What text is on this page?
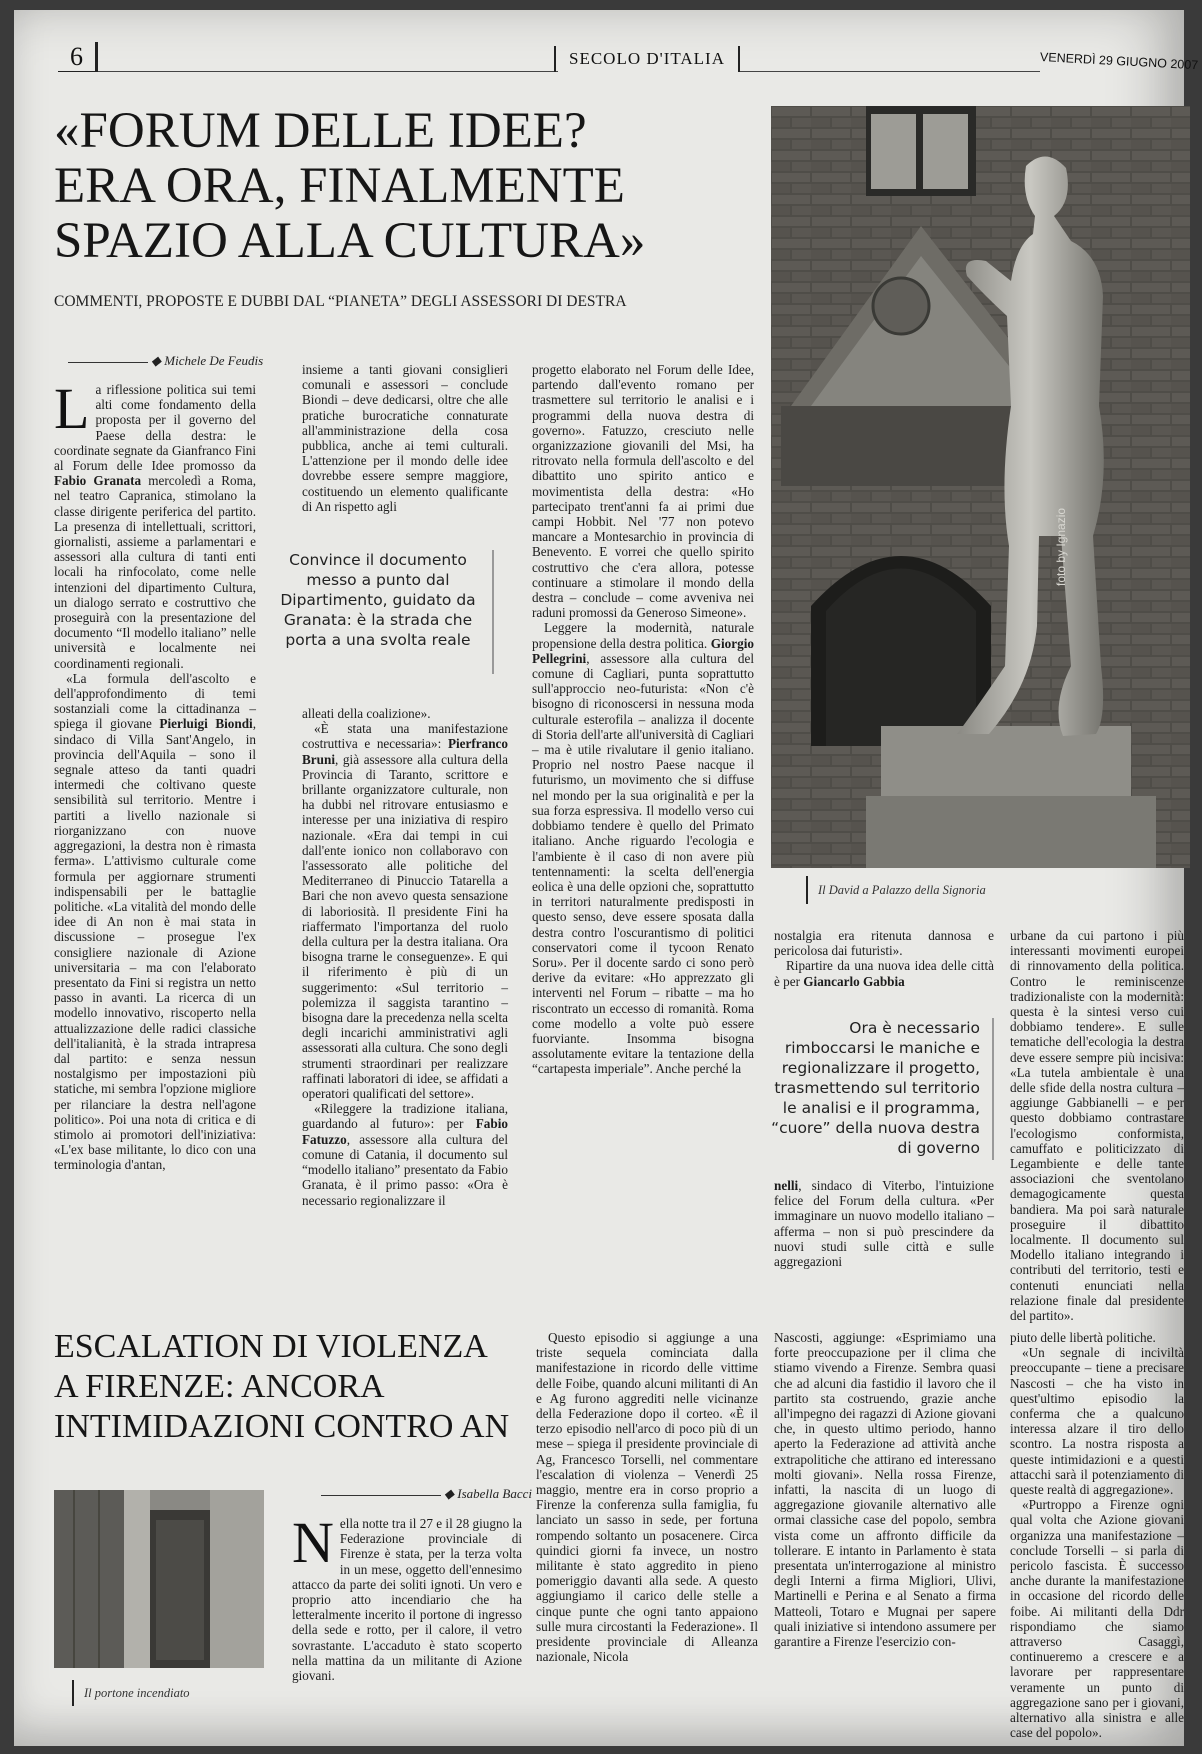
6	SECOLO D'ITALIA	VENERDÌ 29 GIUGNO 2007
«FORUM DELLE IDEE?
ERA ORA, FINALMENTE
SPAZIO ALLA CULTURA»
COMMENTI, PROPOSTE E DUBBI DAL “PIANETA” DEGLI ASSESSORI DI DESTRA
foto by Ignazio
Il David a Palazzo della Signoria
◆ Michele De Feudis
L a riflessione politica sui temi alti come fondamento della proposta per il governo del Paese della destra: le coordinate segnate da Gianfranco Fini al Forum delle Idee promosso da Fabio Granata mercoledì a Roma, nel teatro Capranica, stimolano la classe dirigente periferica del partito. La presenza di intellettuali, scrittori, giornalisti, assieme a parlamentari e assessori alla cultura di tanti enti locali ha rinfocolato, come nelle intenzioni del dipartimento Cultura, un dialogo serrato e costruttivo che proseguirà con la presentazione del documento “Il modello italiano” nelle università e localmente nei coordinamenti regionali.

«La formula dell'ascolto e dell'approfondimento di temi sostanziali come la cittadinanza – spiega il giovane Pierluigi Biondi, sindaco di Villa Sant'Angelo, in provincia dell'Aquila – sono il segnale atteso da tanti quadri intermedi che coltivano queste sensibilità sul territorio. Mentre i partiti a livello nazionale si riorganizzano con nuove aggregazioni, la destra non è rimasta ferma». L'attivismo culturale come formula per aggiornare strumenti indispensabili per le battaglie politiche. «La vitalità del mondo delle idee di An non è mai stata in discussione – prosegue l'ex consigliere nazionale di Azione universitaria – ma con l'elaborato presentato da Fini si registra un netto passo in avanti. La ricerca di un modello innovativo, riscoperto nella attualizzazione delle radici classiche dell'italianità, è la strada intrapresa dal partito: e senza nessun nostalgismo per impostazioni più statiche, mi sembra l'opzione migliore per rilanciare la destra nell'agone politico». Poi una nota di critica e di stimolo ai promotori dell'iniziativa: «L'ex base militante, lo dico con una terminologia d'antan,

Convince il documento messo a punto dal Dipartimento, guidato da Granata: è la strada che porta a una svolta reale

insieme a tanti giovani consiglieri comunali e assessori – conclude Biondi – deve dedicarsi, oltre che alle pratiche burocratiche connaturate all'amministrazione della cosa pubblica, anche ai temi culturali. L'attenzione per il mondo delle idee dovrebbe essere sempre maggiore, costituendo un elemento qualificante di An rispetto agli

alleati della coalizione».

«È stata una manifestazione costruttiva e necessaria»: Pierfranco Bruni, già assessore alla cultura della Provincia di Taranto, scrittore e brillante organizzatore culturale, non ha dubbi nel ritrovare entusiasmo e interesse per una iniziativa di respiro nazionale. «Era dai tempi in cui dall'ente ionico non collaboravo con l'assessorato alle politiche del Mediterraneo di Pinuccio Tatarella a Bari che non avevo questa sensazione di laboriosità. Il presidente Fini ha riaffermato l'importanza del ruolo della cultura per la destra italiana. Ora bisogna trarne le conseguenze». E qui il riferimento è più di un suggerimento: «Sul territorio – polemizza il saggista tarantino – bisogna dare la precedenza nella scelta degli incarichi amministrativi agli assessorati alla cultura. Che sono degli strumenti straordinari per realizzare raffinati laboratori di idee, se affidati a operatori qualificati del settore».

«Rileggere la tradizione italiana, guardando al futuro»: per Fabio Fatuzzo, assessore alla cultura del comune di Catania, il documento sul “modello italiano” presentato da Fabio Granata, è il primo passo: «Ora è necessario regionalizzare il

progetto elaborato nel Forum delle Idee, partendo dall'evento romano per trasmettere sul territorio le analisi e i programmi della nuova destra di governo». Fatuzzo, cresciuto nelle organizzazione giovanili del Msi, ha ritrovato nella formula dell'ascolto e del dibattito uno spirito antico e movimentista della destra: «Ho partecipato trent'anni fa ai primi due campi Hobbit. Nel '77 non potevo mancare a Montesarchio in provincia di Benevento. E vorrei che quello spirito costruttivo che c'era allora, potesse continuare a stimolare il mondo della destra – conclude – come avveniva nei raduni promossi da Generoso Simeone».

Leggere la modernità, naturale propensione della destra politica. Giorgio Pellegrini, assessore alla cultura del comune di Cagliari, punta soprattutto sull'approccio neo-futurista: «Non c'è bisogno di riconoscersi in nessuna moda culturale esterofila – analizza il docente di Storia dell'arte all'università di Cagliari – ma è utile rivalutare il genio italiano. Proprio nel nostro Paese nacque il futurismo, un movimento che si diffuse nel mondo per la sua originalità e per la sua forza espressiva. Il modello verso cui dobbiamo tendere è quello del Primato italiano. Anche riguardo l'ecologia e l'ambiente è il caso di non avere più tentennamenti: la scelta dell'energia eolica è una delle opzioni che, soprattutto in territori naturalmente predisposti in questo senso, deve essere sposata dalla destra contro l'oscurantismo di politici conservatori come il tycoon Renato Soru». Per il docente sardo ci sono però derive da evitare: «Ho apprezzato gli interventi nel Forum – ribatte – ma ho riscontrato un eccesso di romanità. Roma come modello a volte può essere fuorviante. Insomma bisogna assolutamente evitare la tentazione della “cartapesta imperiale”. Anche perché la

nostalgia era ritenuta dannosa e pericolosa dai futuristi».

Ripartire da una nuova idea delle città è per Giancarlo Gabbia

Ora è necessario rimboccarsi le maniche e regionalizzare il progetto, trasmettendo sul territorio le analisi e il programma, “cuore” della nuova destra di governo

nelli, sindaco di Viterbo, l'intuizione felice del Forum della cultura. «Per immaginare un nuovo modello italiano – afferma – non si può prescindere da nuovi studi sulle città e sulle aggregazioni

urbane da cui partono i più interessanti movimenti europei di rinnovamento della politica. Contro le reminiscenze tradizionaliste con la modernità: questa è la sintesi verso cui dobbiamo tendere». E sulle tematiche dell'ecologia la destra deve essere sempre più incisiva: «La tutela ambientale è una delle sfide della nostra cultura – aggiunge Gabbianelli – e per questo dobbiamo contrastare l'ecologismo conformista, camuffato e politicizzato di Legambiente e delle tante associazioni che sventolano demagogicamente questa bandiera. Ma poi sarà naturale proseguire il dibattito localmente. Il documento sul Modello italiano integrando i contributi del territorio, testi e contenuti enunciati nella relazione finale dal presidente del partito».

ESCALATION DI VIOLENZA
A FIRENZE: ANCORA
INTIMIDAZIONI CONTRO AN
Il portone incendiato
◆ Isabella Bacci
N ella notte tra il 27 e il 28 giugno la Federazione provinciale di Firenze è stata, per la terza volta in un mese, oggetto dell'ennesimo attacco da parte dei soliti ignoti. Un vero e proprio atto incendiario che ha letteralmente incerito il portone di ingresso della sede e rotto, per il calore, il vetro sovrastante. L'accaduto è stato scoperto nella mattina da un militante di Azione giovani.

Questo episodio si aggiunge a una triste sequela cominciata dalla manifestazione in ricordo delle vittime delle Foibe, quando alcuni militanti di An e Ag furono aggrediti nelle vicinanze della Federazione dopo il corteo. «È il terzo episodio nell'arco di poco più di un mese – spiega il presidente provinciale di Ag, Francesco Torselli, nel commentare l'escalation di violenza – Venerdì 25 maggio, mentre era in corso proprio a Firenze la conferenza sulla famiglia, fu lanciato un sasso in sede, per fortuna rompendo soltanto un posacenere. Circa quindici giorni fa invece, un nostro militante è stato aggredito in pieno pomeriggio davanti alla sede. A questo aggiungiamo il carico delle stelle a cinque punte che ogni tanto appaiono sulle mura circostanti la Federazione». Il presidente provinciale di Alleanza nazionale, Nicola

Nascosti, aggiunge: «Esprimiamo una forte preoccupazione per il clima che stiamo vivendo a Firenze. Sembra quasi che ad alcuni dia fastidio il lavoro che il partito sta costruendo, grazie anche all'impegno dei ragazzi di Azione giovani che, in questo ultimo periodo, hanno aperto la Federazione ad attività anche extrapolitiche che attirano ed interessano molti giovani». Nella rossa Firenze, infatti, la nascita di un luogo di aggregazione giovanile alternativo alle ormai classiche case del popolo, sembra vista come un affronto difficile da tollerare. E intanto in Parlamento è stata presentata un'interrogazione al ministro degli Interni a firma Migliori, Ulivi, Martinelli e Perina e al Senato a firma Matteoli, Totaro e Mugnai per sapere quali iniziative si intendono assumere per garantire a Firenze l'esercizio con-

piuto delle libertà politiche.

«Un segnale di inciviltà preoccupante – tiene a precisare Nascosti – che ha visto in quest'ultimo episodio la conferma che a qualcuno interessa alzare il tiro dello scontro. La nostra risposta a queste intimidazioni e a questi attacchi sarà il potenziamento di queste realtà di aggregazione».

«Purtroppo a Firenze ogni qual volta che Azione giovani organizza una manifestazione – conclude Torselli – si parla di pericolo fascista. È successo anche durante la manifestazione in occasione del ricordo delle foibe. Ai militanti della Ddr rispondiamo che siamo attraverso Casaggì, continueremo a crescere e a lavorare per rappresentare veramente un punto di aggregazione sano per i giovani, alternativo alla sinistra e alle case del popolo».
